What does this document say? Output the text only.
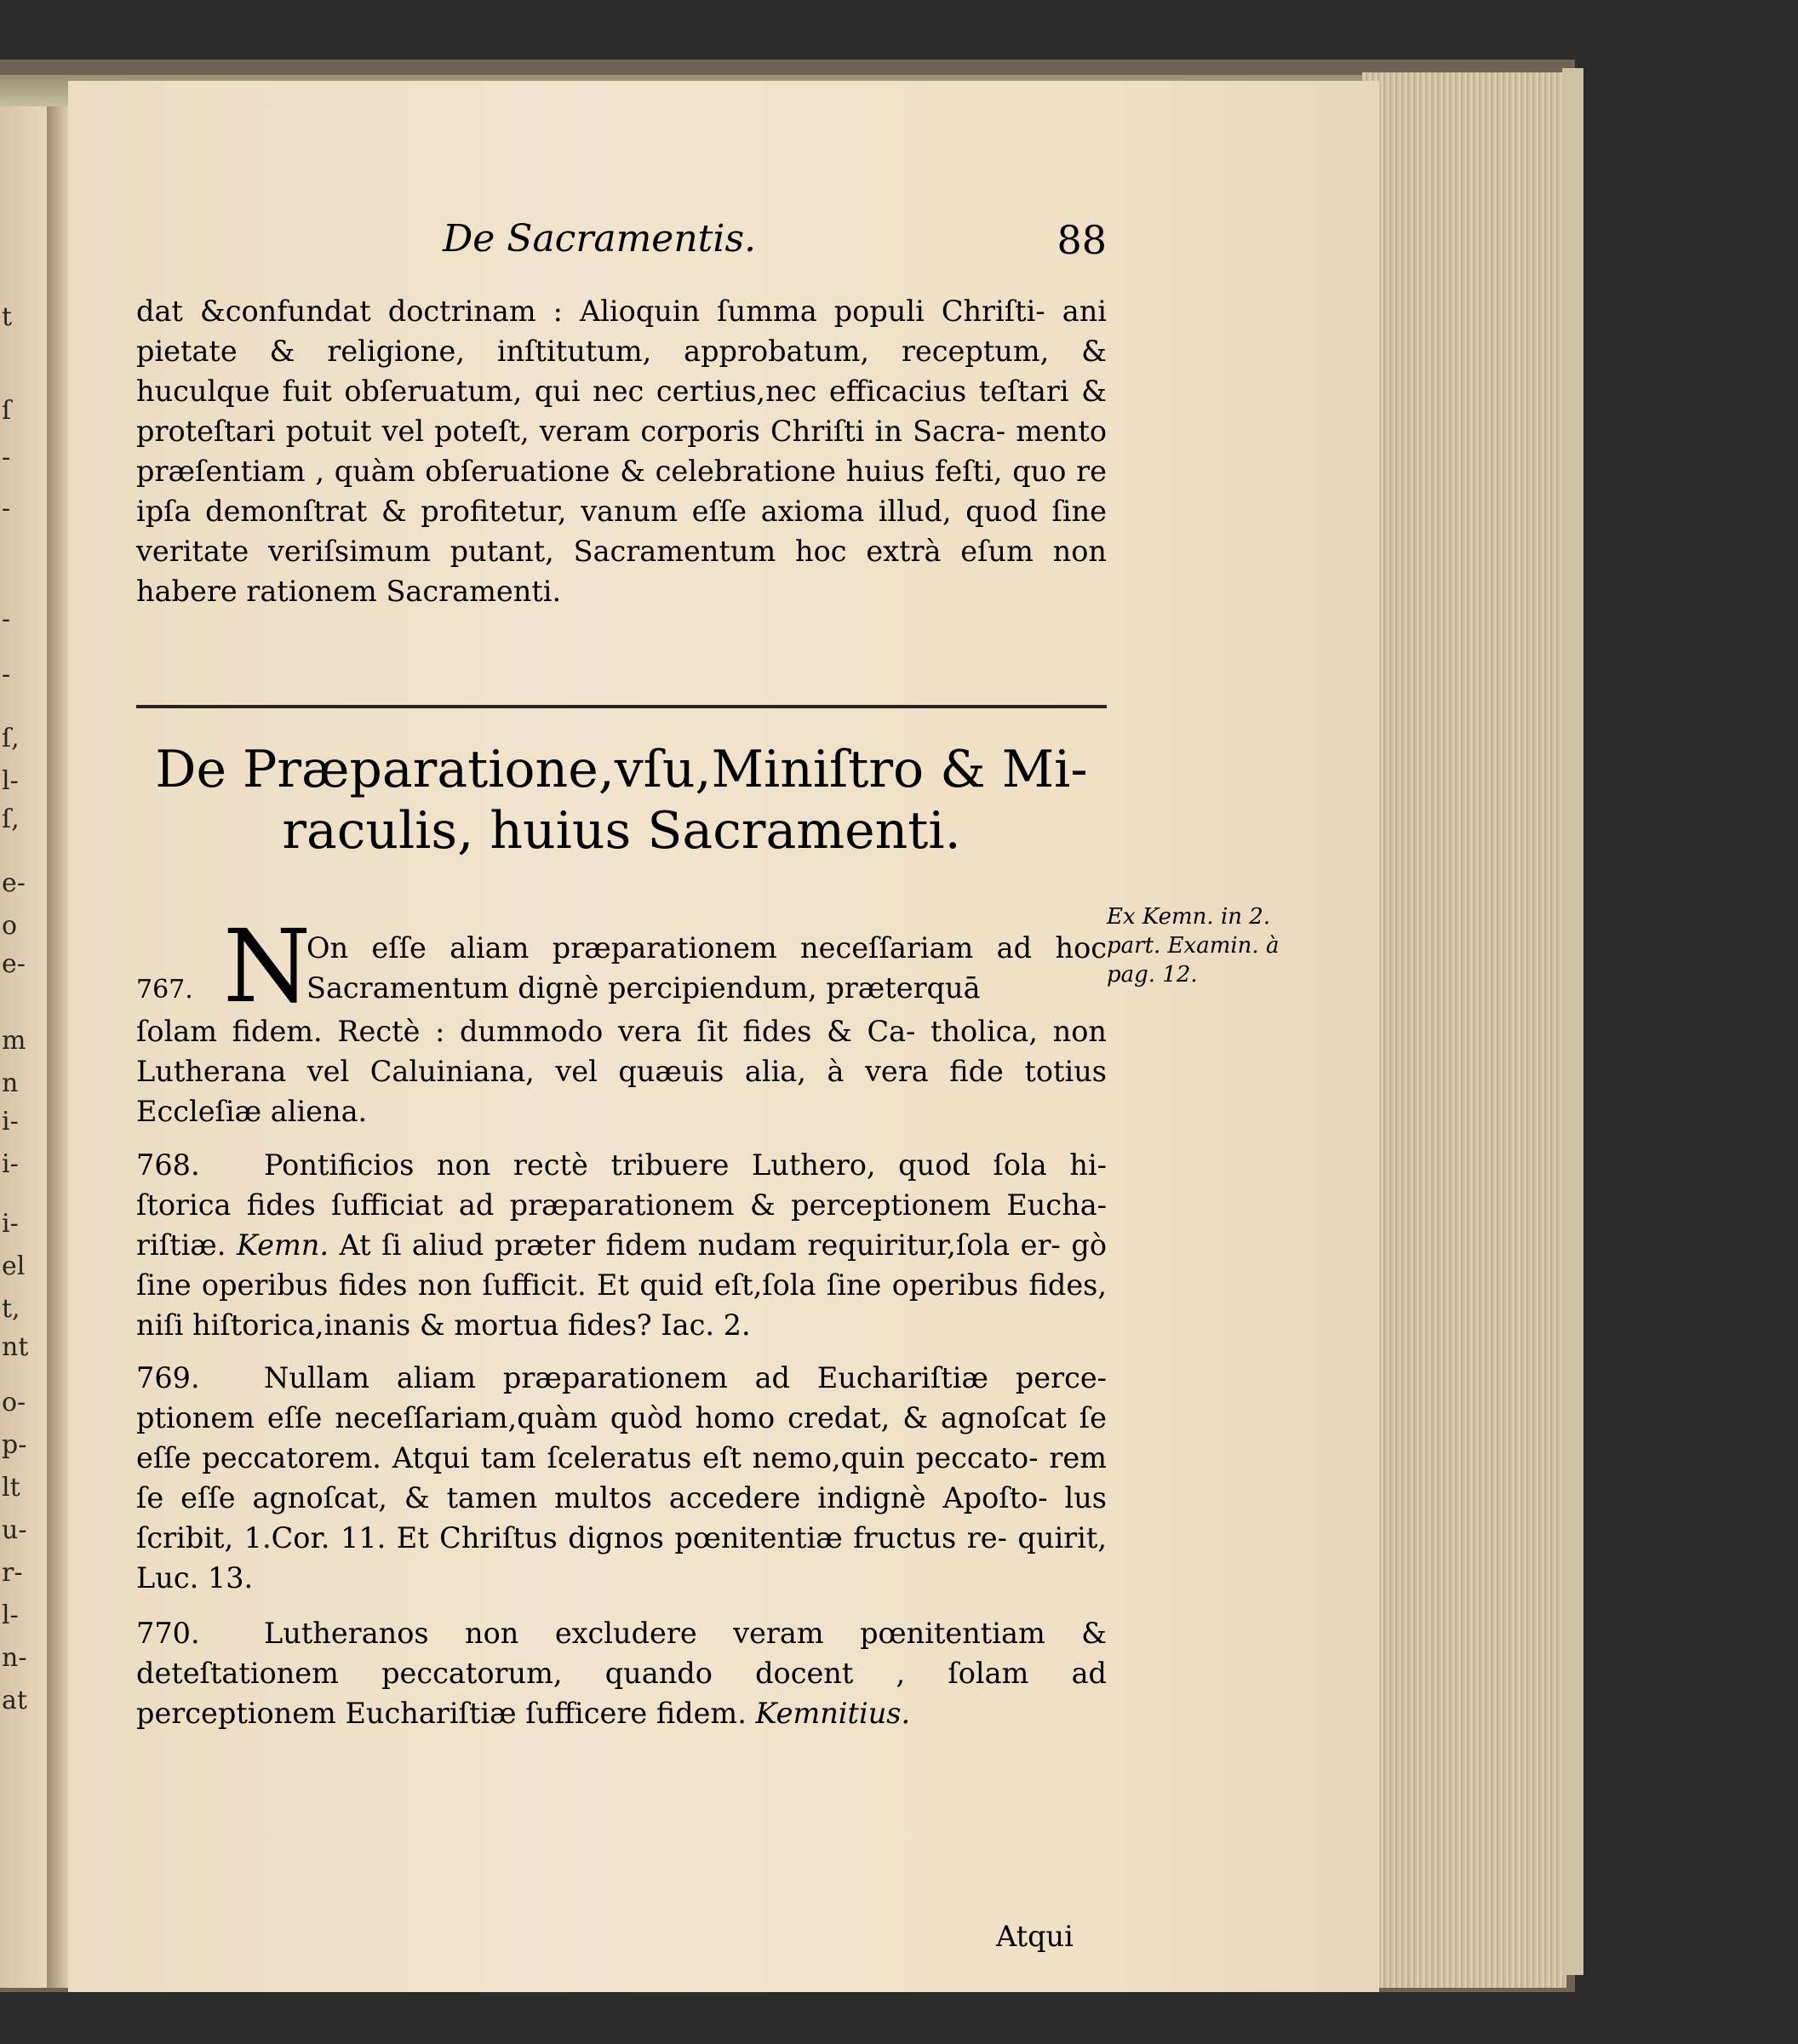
t
ſ
-
-
-
-
ſ,
l-
ſ,
e-
o
e-
m
n
i-
i-
i-
el
t,
nt
o-
p-
lt
u-
r-
l-
n-
at
De Sacramentis.	88

dat &confundat doctrinam : Alioquin ſumma populi Chriſti- ani pietate & religione, inſtitutum, approbatum, receptum, & huculque fuit obſeruatum, qui nec certius,nec efficacius teſtari & proteſtari potuit vel poteſt, veram corporis Chriſti in Sacra- mento præſentiam , quàm obſeruatione & celebratione huius feſti, quo re ipſa demonſtrat & profitetur, vanum eſſe axioma illud, quod ſine veritate veriſsimum putant, Sacramentum hoc extrà eſum non habere rationem Sacramenti.

De Præparatione,vſu,Miniſtro & Mi- raculis, huius Sacramenti.
N
767.

On eſſe aliam præparationem neceſſariam ad hoc Sacramentum dignè percipiendum, præterquā

ſolam fidem. Rectè : dummodo vera ſit fides & Ca- tholica, non Lutherana vel Caluiniana, vel quæuis alia, à vera fide totius Eccleſiæ aliena.

Ex Kemn. in 2. part. Examin. à pag. 12.

768. Pontificios non rectè tribuere Luthero, quod ſola hi- ſtorica fides ſufficiat ad præparationem & perceptionem Eucha- riſtiæ. Kemn. At ſi aliud præter fidem nudam requiritur,ſola er- gò ſine operibus fides non ſufficit. Et quid eſt,ſola ſine operibus fides, niſi hiſtorica,inanis & mortua fides? Iac. 2.

769. Nullam aliam præparationem ad Euchariſtiæ perce- ptionem eſſe neceſſariam,quàm quòd homo credat, & agnoſcat ſe eſſe peccatorem. Atqui tam ſceleratus eſt nemo,quin peccato- rem ſe eſſe agnoſcat, & tamen multos accedere indignè Apoſto- lus ſcribit, 1.Cor. 11. Et Chriſtus dignos pœnitentiæ fructus re- quirit, Luc. 13.

770. Lutheranos non excludere veram pœnitentiam & deteſtationem peccatorum, quando docent , ſolam ad perceptionem Euchariſtiæ ſufficere fidem. Kemnitius.

Atqui
